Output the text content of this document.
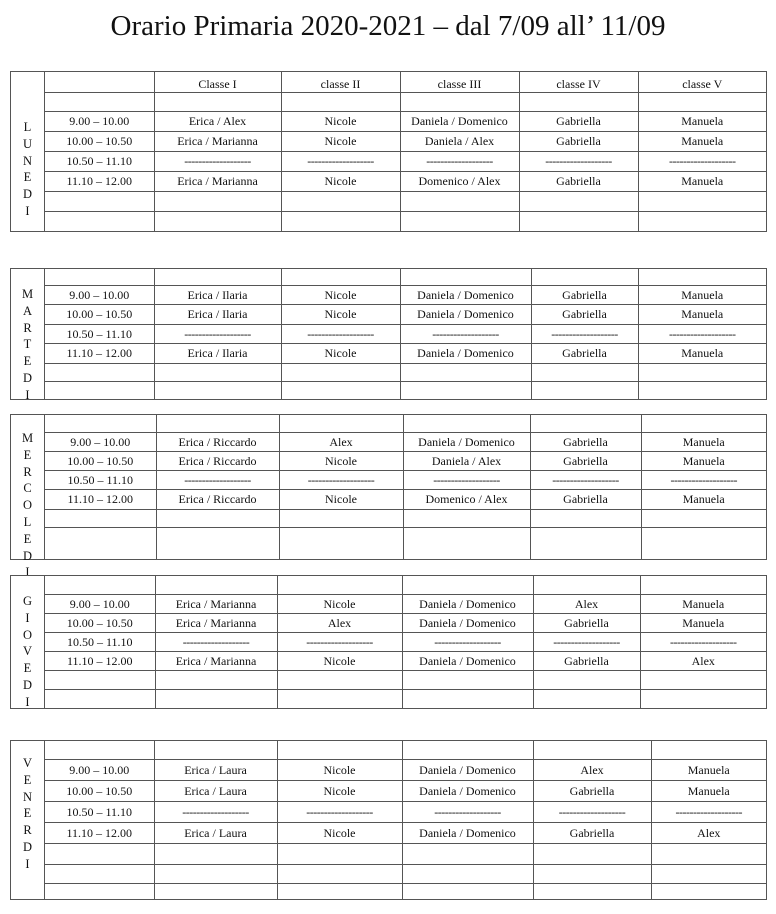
Orario Primaria 2020-2021 – dal 7/09 all’ 11/09
L
U
N
E
D
I
	Classe I	classe II	classe III	classe IV	classe V

9.00 – 10.00	Erica / Alex	Nicole	Daniela / Domenico	Gabriella	Manuela
10.00 – 10.50	Erica / Marianna	Nicole	Daniela / Alex	Gabriella	Manuela
10.50 – 11.10	-------------------	-------------------	-------------------	-------------------	-------------------
11.10 – 12.00	Erica / Marianna	Nicole	Domenico / Alex	Gabriella	Manuela

M
A
R
T
E
D
I

9.00 – 10.00	Erica / Ilaria	Nicole	Daniela / Domenico	Gabriella	Manuela
10.00 – 10.50	Erica / Ilaria	Nicole	Daniela / Domenico	Gabriella	Manuela
10.50 – 11.10	-------------------	-------------------	-------------------	-------------------	-------------------
11.10 – 12.00	Erica / Ilaria	Nicole	Daniela / Domenico	Gabriella	Manuela

M
E
R
C
O
L
E
D
I

9.00 – 10.00	Erica / Riccardo	Alex	Daniela / Domenico	Gabriella	Manuela
10.00 – 10.50	Erica / Riccardo	Nicole	Daniela / Alex	Gabriella	Manuela
10.50 – 11.10	-------------------	-------------------	-------------------	-------------------	-------------------
11.10 – 12.00	Erica / Riccardo	Nicole	Domenico / Alex	Gabriella	Manuela

G
I
O
V
E
D
I

9.00 – 10.00	Erica / Marianna	Nicole	Daniela / Domenico	Alex	Manuela
10.00 – 10.50	Erica / Marianna	Alex	Daniela / Domenico	Gabriella	Manuela
10.50 – 11.10	-------------------	-------------------	-------------------	-------------------	-------------------
11.10 – 12.00	Erica / Marianna	Nicole	Daniela / Domenico	Gabriella	Alex

V
E
N
E
R
D
I

9.00 – 10.00	Erica / Laura	Nicole	Daniela / Domenico	Alex	Manuela
10.00 – 10.50	Erica / Laura	Nicole	Daniela / Domenico	Gabriella	Manuela
10.50 – 11.10	-------------------	-------------------	-------------------	-------------------	-------------------
11.10 – 12.00	Erica / Laura	Nicole	Daniela / Domenico	Gabriella	Alex
